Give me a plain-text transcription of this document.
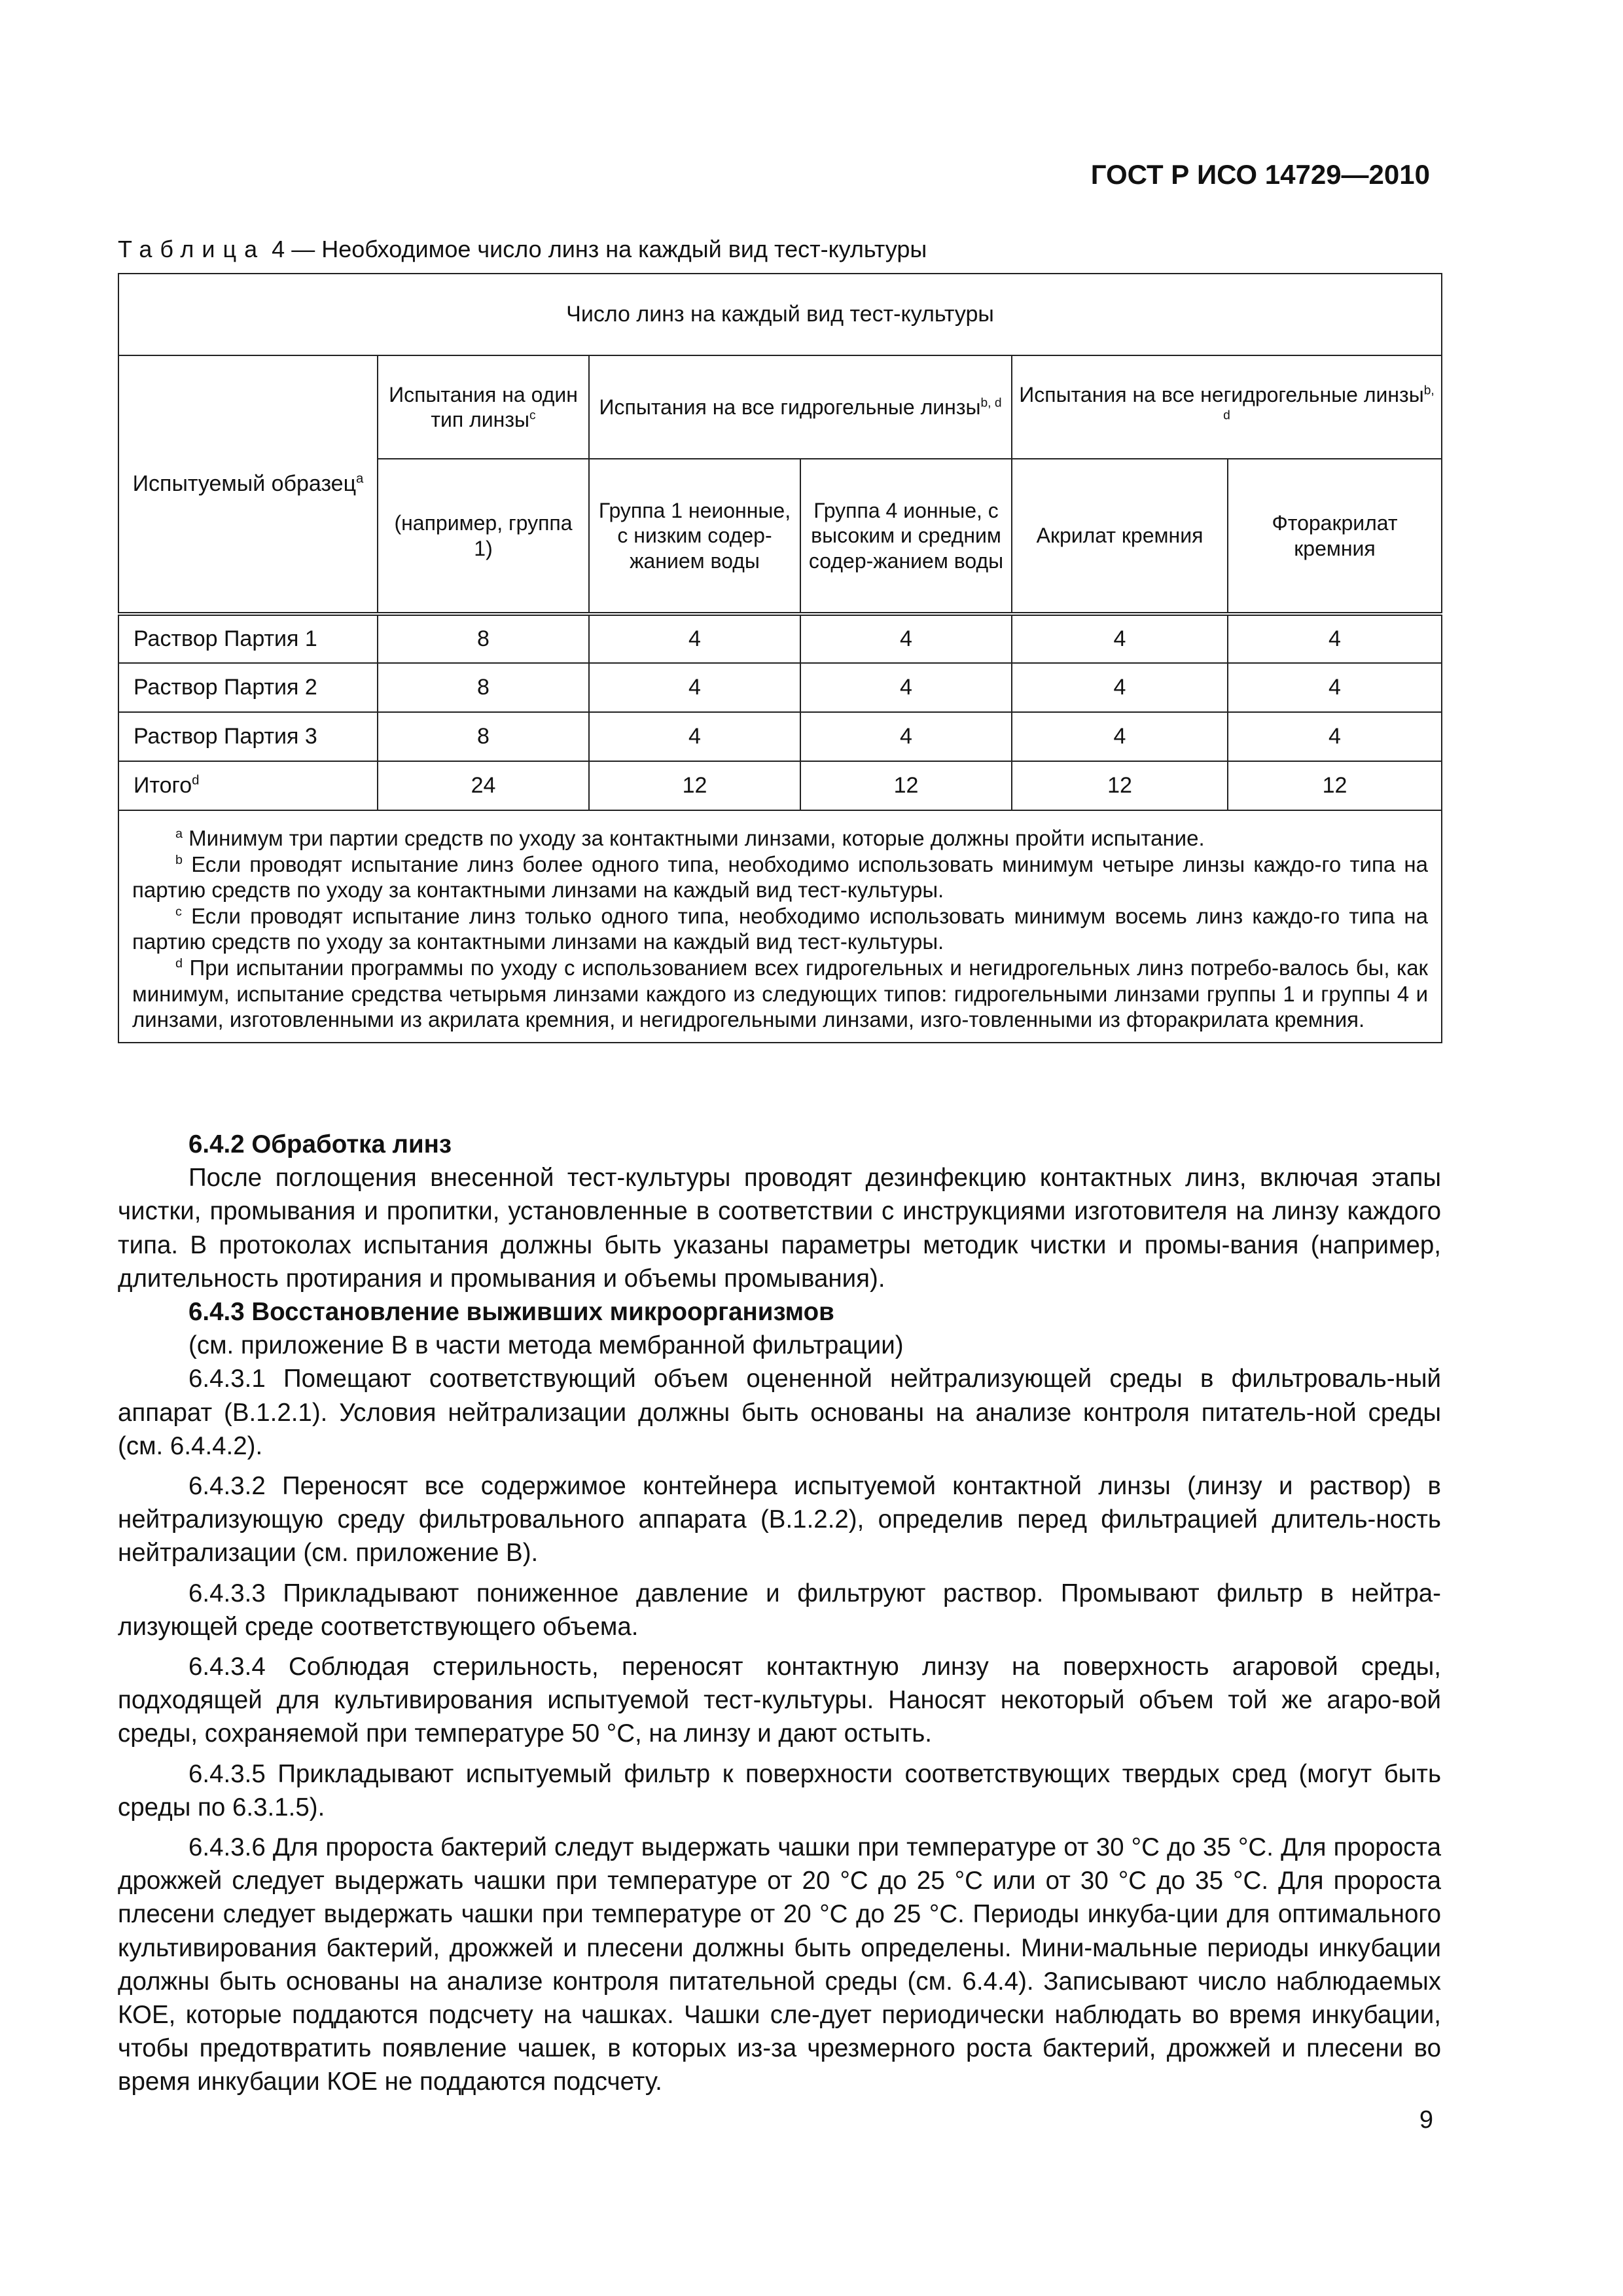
ГОСТ Р ИСО 14729—2010
Таблица 4 — Необходимое число линз на каждый вид тест-культуры
Число линз на каждый вид тест-культуры					
Испытуемый образец$^a$	Испытания на один тип линзы$^c$	Испытания на все гидрогельные линзы$^{b, d}$		Испытания на все негидрогельные линзы$^{b, d}$
	(например, группа 1)	Группа 1 неионные, с низким содер-жанием воды	Группа 4 ионные, с высоким и средним содер-жанием воды	Акрилат кремния	Фторакрилат кремния
Раствор Партия 1	8	4	4	4	4
Раствор Партия 2	8	4	4	4	4
Раствор Партия 3	8	4	4	4	4
Итого$^d$	24	12	12	12	12

$^a$ Минимум три партии средств по уходу за контактными линзами, которые должны пройти испытание.

$^b$ Если проводят испытание линз более одного типа, необходимо использовать минимум четыре линзы каждо-го типа на партию средств по уходу за контактными линзами на каждый вид тест-культуры.

$^c$ Если проводят испытание линз только одного типа, необходимо использовать минимум восемь линз каждо-го типа на партию средств по уходу за контактными линзами на каждый вид тест-культуры.

$^d$ При испытании программы по уходу с использованием всех гидрогельных и негидрогельных линз потребо-валось бы, как минимум, испытание средства четырьмя линзами каждого из следующих типов: гидрогельными линзами группы 1 и группы 4 и линзами, изготовленными из акрилата кремния, и негидрогельными линзами, изго-товленными из фторакрилата кремния.					

6.4.2 Обработка линз

После поглощения внесенной тест-культуры проводят дезинфекцию контактных линз, включая этапы чистки, промывания и пропитки, установленные в соответствии с инструкциями изготовителя на линзу каждого типа. В протоколах испытания должны быть указаны параметры методик чистки и промы-вания (например, длительность протирания и промывания и объемы промывания).

6.4.3 Восстановление выживших микроорганизмов

(см. приложение В в части метода мембранной фильтрации)

6.4.3.1 Помещают соответствующий объем оцененной нейтрализующей среды в фильтроваль-ный аппарат (В.1.2.1). Условия нейтрализации должны быть основаны на анализе контроля питатель-ной среды (см. 6.4.4.2).

6.4.3.2 Переносят все содержимое контейнера испытуемой контактной линзы (линзу и раствор) в нейтрализующую среду фильтровального аппарата (В.1.2.2), определив перед фильтрацией длитель-ность нейтрализации (см. приложение В).

6.4.3.3 Прикладывают пониженное давление и фильтруют раствор. Промывают фильтр в нейтра-лизующей среде соответствующего объема.

6.4.3.4 Соблюдая стерильность, переносят контактную линзу на поверхность агаровой среды, подходящей для культивирования испытуемой тест-культуры. Наносят некоторый объем той же агаро-вой среды, сохраняемой при температуре 50 °С, на линзу и дают остыть.

6.4.3.5 Прикладывают испытуемый фильтр к поверхности соответствующих твердых сред (могут быть среды по 6.3.1.5).

6.4.3.6 Для пророста бактерий следут выдержать чашки при температуре от 30 °С до 35 °С. Для пророста дрожжей следует выдержать чашки при температуре от 20 °С до 25 °С или от 30 °С до 35 °С. Для пророста плесени следует выдержать чашки при температуре от 20 °С до 25 °С. Периоды инкуба-ции для оптимального культивирования бактерий, дрожжей и плесени должны быть определены. Мини-мальные периоды инкубации должны быть основаны на анализе контроля питательной среды (см. 6.4.4). Записывают число наблюдаемых КОЕ, которые поддаются подсчету на чашках. Чашки сле-дует периодически наблюдать во время инкубации, чтобы предотвратить появление чашек, в которых из-за чрезмерного роста бактерий, дрожжей и плесени во время инкубации КОЕ не поддаются подсчету.

9
